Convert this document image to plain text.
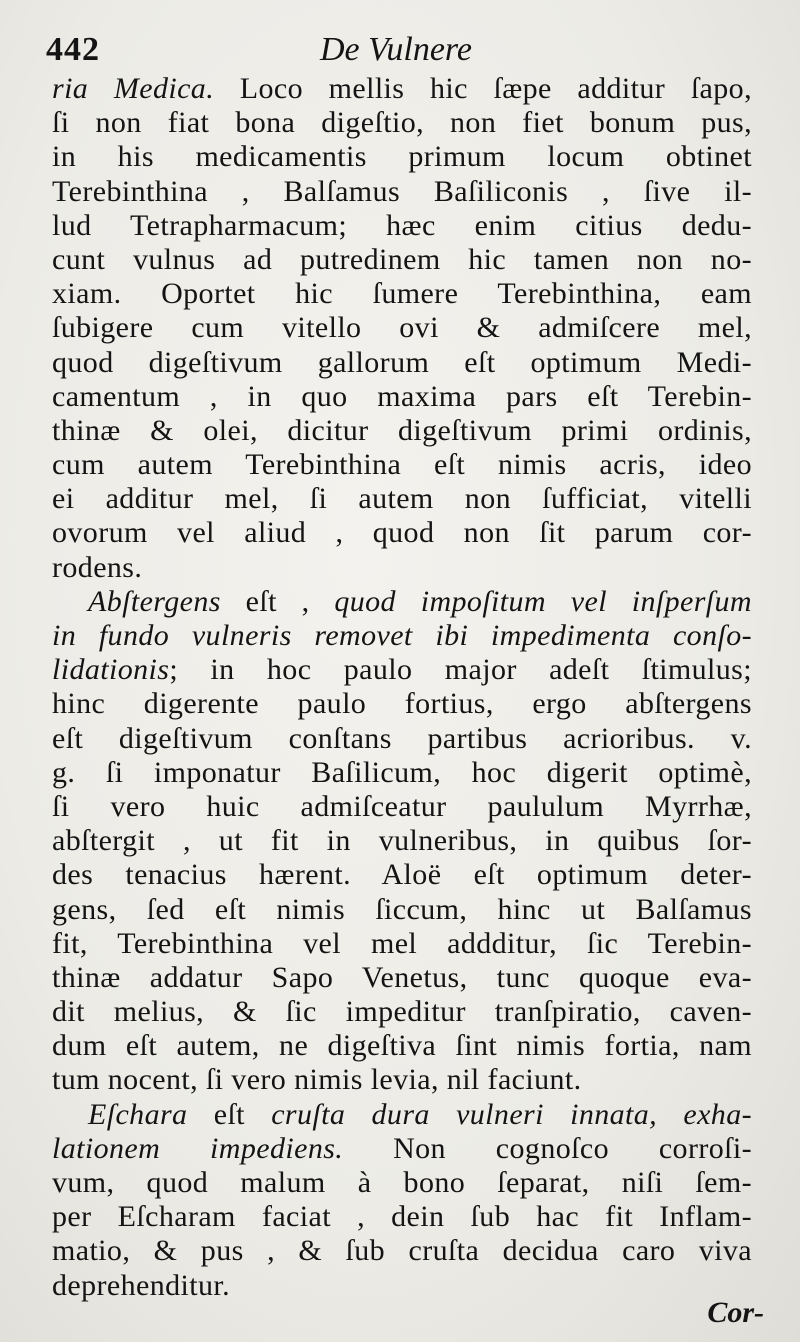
442	De Vulnere
ria Medica. Loco mellis hic ſæpe additur ſapo,
ſi non fiat bona digeſtio, non fiet bonum pus,
in his medicamentis primum locum obtinet
Terebinthina , Balſamus Baſiliconis , ſive il-
lud Tetrapharmacum; hæc enim citius dedu-
cunt vulnus ad putredinem hic tamen non no-
xiam. Oportet hic ſumere Terebinthina, eam
ſubigere cum vitello ovi & admiſcere mel,
quod digeſtivum gallorum eſt optimum Medi-
camentum , in quo maxima pars eſt Terebin-
thinæ & olei, dicitur digeſtivum primi ordinis,
cum autem Terebinthina eſt nimis acris, ideo
ei additur mel, ſi autem non ſufficiat, vitelli
ovorum vel aliud , quod non ſit parum cor-
rodens.
Abſtergens eſt , quod impoſitum vel inſperſum
in fundo vulneris removet ibi impedimenta conſo-
lidationis; in hoc paulo major adeſt ſtimulus;
hinc digerente paulo fortius, ergo abſtergens
eſt digeſtivum conſtans partibus acrioribus. v.
g. ſi imponatur Baſilicum, hoc digerit optimè,
ſi vero huic admiſceatur paululum Myrrhæ,
abſtergit , ut fit in vulneribus, in quibus ſor-
des tenacius hærent. Aloë eſt optimum deter-
gens, ſed eſt nimis ſiccum, hinc ut Balſamus
fit, Terebinthina vel mel addditur, ſic Terebin-
thinæ addatur Sapo Venetus, tunc quoque eva-
dit melius, & ſic impeditur tranſpiratio, caven-
dum eſt autem, ne digeſtiva ſint nimis fortia, nam
tum nocent, ſi vero nimis levia, nil faciunt.
Eſchara eſt cruſta dura vulneri innata, exha-
lationem impediens. Non cognoſco corroſi-
vum, quod malum à bono ſeparat, niſi ſem-
per Eſcharam faciat , dein ſub hac fit Inflam-
matio, & pus , & ſub cruſta decidua caro viva
deprehenditur.
Cor-
